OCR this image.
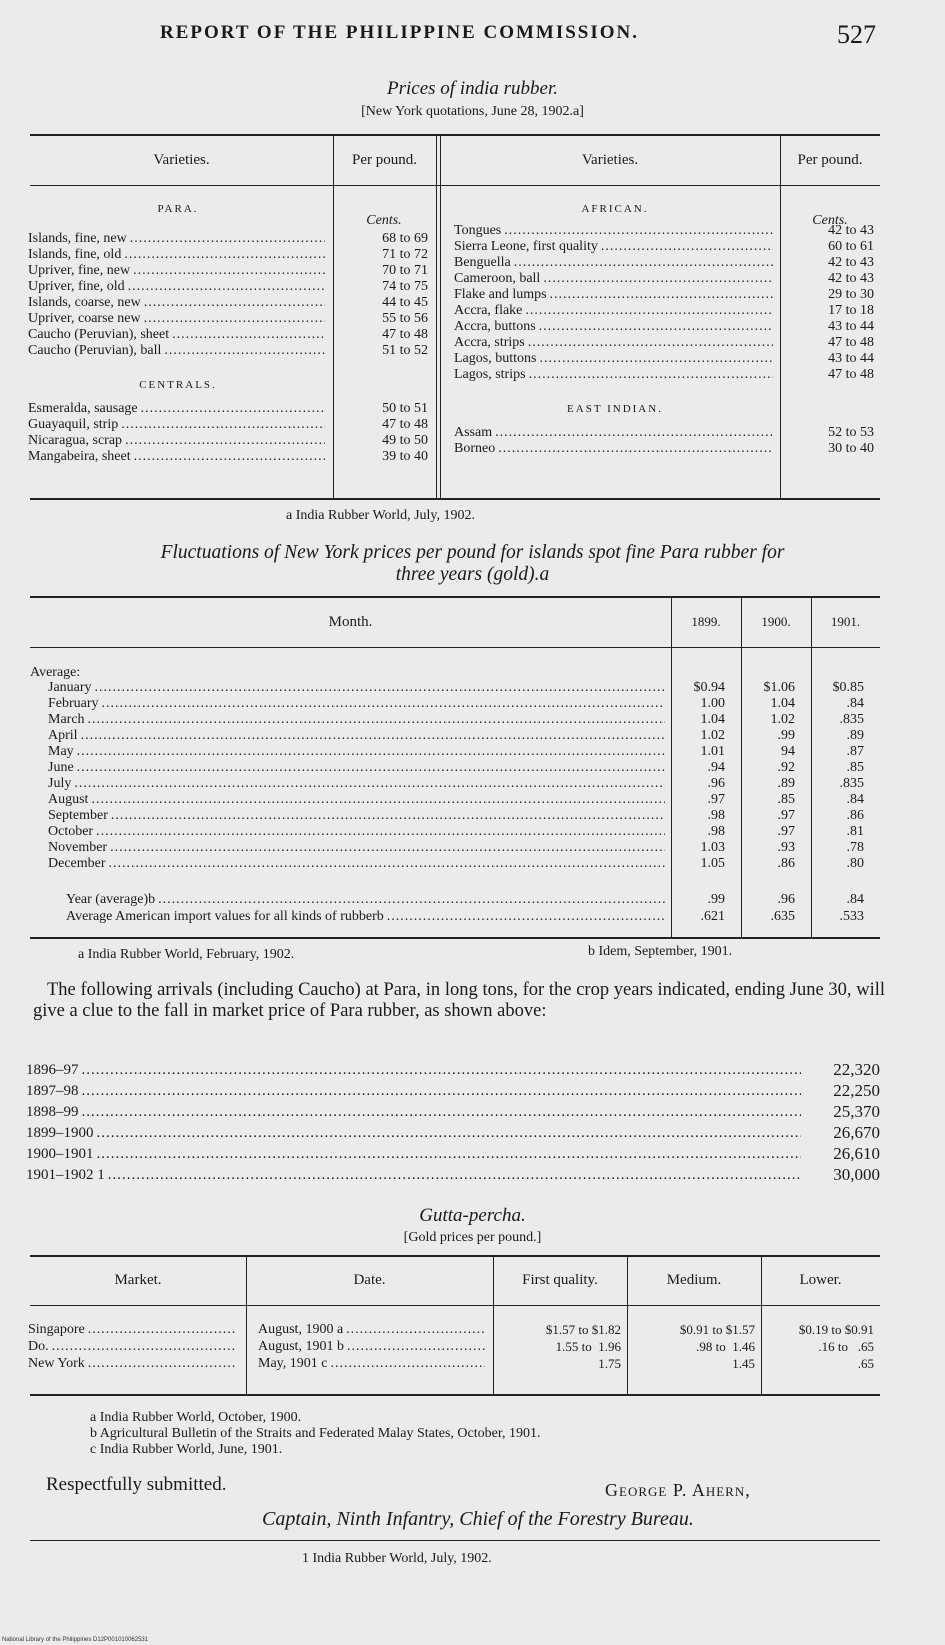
REPORT OF THE PHILIPPINE COMMISSION.	527
Prices of india rubber.
[New York quotations, June 28, 1902.a]
Varieties.	Per pound.	Varieties.	Per pound.
Cents.
PARA.
Islands, fine, new .....	68 to 69
Islands, fine, old .....	71 to 72
Upriver, fine, new .....	70 to 71
Upriver, fine, old .....	74 to 75
Islands, coarse, new .....	44 to 45
Upriver, coarse new .....	55 to 56
Caucho (Peruvian), sheet .....	47 to 48
Caucho (Peruvian), ball .....	51 to 52
CENTRALS.
Esmeralda, sausage .....	50 to 51
Guayaquil, strip .....	47 to 48
Nicaragua, scrap .....	49 to 50
Mangabeira, sheet .....	39 to 40
Cents.
AFRICAN.
Tongues .....	42 to 43
Sierra Leone, first quality .....	60 to 61
Benguella .....	42 to 43
Cameroon, ball .....	42 to 43
Flake and lumps .....	29 to 30
Accra, flake .....	17 to 18
Accra, buttons .....	43 to 44
Accra, strips .....	47 to 48
Lagos, buttons .....	43 to 44
Lagos, strips .....	47 to 48
EAST INDIAN.
Assam .....	52 to 53
Borneo .....	30 to 40
a India Rubber World, July, 1902.
Fluctuations of New York prices per pound for islands spot fine Para rubber for
three years (gold).a
Month.	1899.	1900.	1901.
Average:
January .....	$0.94	$1.06	$0.85
February .....	1.00	1.04	.84
March .....	1.04	1.02	.835
April .....	1.02	.99	.89
May .....	1.01	94	.87
June .....	.94	.92	.85
July .....	.96	.89	.835
August .....	.97	.85	.84
September .....	.98	.97	.86
October .....	.98	.97	.81
November .....	1.03	.93	.78
December .....	1.05	.86	.80
Year (average)b .....	.99	.96	.84
Average American import values for all kinds of rubberb .....	.621	.635	.533
a India Rubber World, February, 1902.	b Idem, September, 1901.
The following arrivals (including Caucho) at Para, in long tons, for the crop years indicated, ending June 30, will give a clue to the fall in market price of Para rubber, as shown above:
1896–97 .....	22,320
1897–98 .....	22,250
1898–99 .....	25,370
1899–1900 .....	26,670
1900–1901 .....	26,610
1901–1902 1 .....	30,000
Gutta-percha.
[Gold prices per pound.]
Market.	Date.	First quality.	Medium.	Lower.
Singapore .....	August, 1900 a .....	$1.57 to $1.82	$0.91 to $1.57	$0.19 to $0.91
Do. .....	August, 1901 b .....	1.55 to  1.96	.98 to  1.46	.16 to   .65
New York .....	May, 1901 c .....	1.75	1.45	.65
a India Rubber World, October, 1900.
b Agricultural Bulletin of the Straits and Federated Malay States, October, 1901.
c India Rubber World, June, 1901.
Respectfully submitted.	George P. Ahern,
Captain, Ninth Infantry, Chief of the Forestry Bureau.
1 India Rubber World, July, 1902.
National Library of the Philippines D12P001010062531
